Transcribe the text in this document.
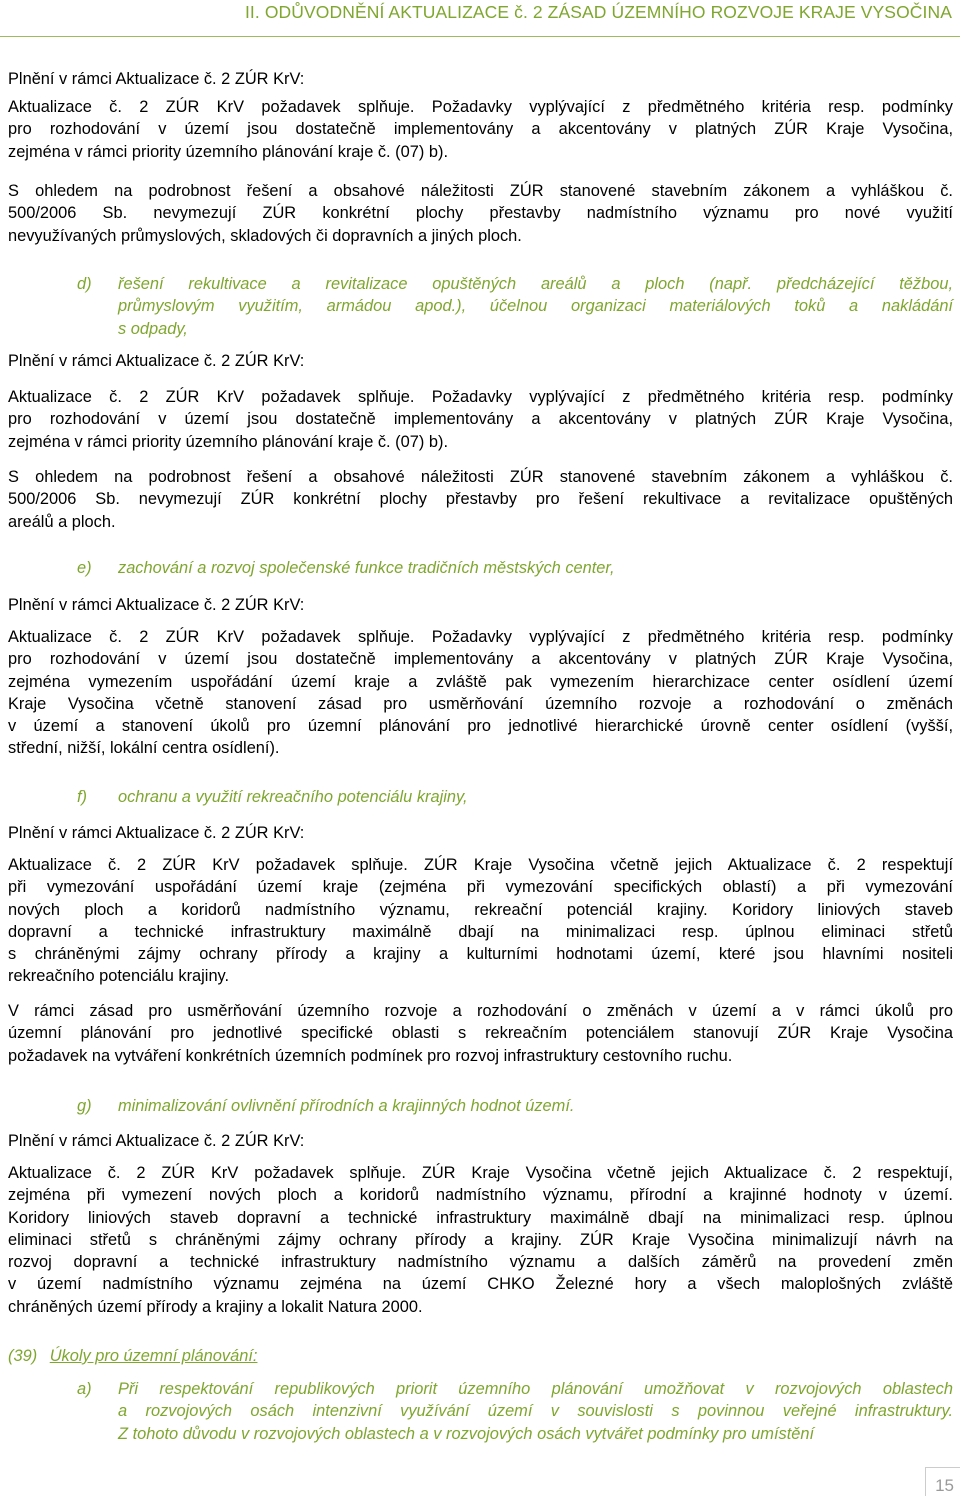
II. ODŮVODNĚNÍ AKTUALIZACE č. 2 ZÁSAD ÚZEMNÍHO ROZVOJE KRAJE VYSOČINA
Plnění v rámci Aktualizace č. 2 ZÚR KrV:

Aktualizace č. 2 ZÚR KrV požadavek splňuje. Požadavky vyplývající z předmětného kritéria resp. podmínky
pro rozhodování v území jsou dostatečně implementovány a akcentovány v platných ZÚR Kraje Vysočina,
zejména v rámci priority územního plánování kraje č. (07) b).

S ohledem na podrobnost řešení a obsahové náležitosti ZÚR stanovené stavebním zákonem a vyhláškou č.
500/2006 Sb. nevymezují ZÚR konkrétní plochy přestavby nadmístního významu pro nové využití
nevyužívaných průmyslových, skladových či dopravních a jiných ploch.

d) řešení rekultivace a revitalizace opuštěných areálů a ploch (např. předcházející těžbou,
průmyslovým využitím, armádou apod.), účelnou organizaci materiálových toků a nakládání
s odpady,
Plnění v rámci Aktualizace č. 2 ZÚR KrV:

Aktualizace č. 2 ZÚR KrV požadavek splňuje. Požadavky vyplývající z předmětného kritéria resp. podmínky
pro rozhodování v území jsou dostatečně implementovány a akcentovány v platných ZÚR Kraje Vysočina,
zejména v rámci priority územního plánování kraje č. (07) b).

S ohledem na podrobnost řešení a obsahové náležitosti ZÚR stanovené stavebním zákonem a vyhláškou č.
500/2006 Sb. nevymezují ZÚR konkrétní plochy přestavby pro řešení rekultivace a revitalizace opuštěných
areálů a ploch.

e) zachování a rozvoj společenské funkce tradičních městských center,
Plnění v rámci Aktualizace č. 2 ZÚR KrV:

Aktualizace č. 2 ZÚR KrV požadavek splňuje. Požadavky vyplývající z předmětného kritéria resp. podmínky
pro rozhodování v území jsou dostatečně implementovány a akcentovány v platných ZÚR Kraje Vysočina,
zejména vymezením uspořádání území kraje a zvláště pak vymezením hierarchizace center osídlení území
Kraje Vysočina včetně stanovení zásad pro usměrňování územního rozvoje a rozhodování o změnách
v území a stanovení úkolů pro územní plánování pro jednotlivé hierarchické úrovně center osídlení (vyšší,
střední, nižší, lokální centra osídlení).

f) ochranu a využití rekreačního potenciálu krajiny,
Plnění v rámci Aktualizace č. 2 ZÚR KrV:

Aktualizace č. 2 ZÚR KrV požadavek splňuje. ZÚR Kraje Vysočina včetně jejich Aktualizace č. 2 respektují
při vymezování uspořádání území kraje (zejména při vymezování specifických oblastí) a při vymezování
nových ploch a koridorů nadmístního významu, rekreační potenciál krajiny. Koridory liniových staveb
dopravní a technické infrastruktury maximálně dbají na minimalizaci resp. úplnou eliminaci střetů
s chráněnými zájmy ochrany přírody a krajiny a kulturními hodnotami území, které jsou hlavními nositeli
rekreačního potenciálu krajiny.

V rámci zásad pro usměrňování územního rozvoje a rozhodování o změnách v území a v rámci úkolů pro
územní plánování pro jednotlivé specifické oblasti s rekreačním potenciálem stanovují ZÚR Kraje Vysočina
požadavek na vytváření konkrétních územních podmínek pro rozvoj infrastruktury cestovního ruchu.

g) minimalizování ovlivnění přírodních a krajinných hodnot území.
Plnění v rámci Aktualizace č. 2 ZÚR KrV:

Aktualizace č. 2 ZÚR KrV požadavek splňuje. ZÚR Kraje Vysočina včetně jejich Aktualizace č. 2 respektují,
zejména při vymezení nových ploch a koridorů nadmístního významu, přírodní a krajinné hodnoty v území.
Koridory liniových staveb dopravní a technické infrastruktury maximálně dbají na minimalizaci resp. úplnou
eliminaci střetů s chráněnými zájmy ochrany přírody a krajiny. ZÚR Kraje Vysočina minimalizují návrh na
rozvoj dopravní a technické infrastruktury nadmístního významu a dalších záměrů na provedení změn
v území nadmístního významu zejména na území CHKO Železné hory a všech maloplošných zvláště
chráněných území přírody a krajiny a lokalit Natura 2000.

(39) Úkoly pro územní plánování:
a) Při respektování republikových priorit územního plánování umožňovat v rozvojových oblastech
a rozvojových osách intenzivní využívání území v souvislosti s povinnou veřejné infrastruktury.
Z tohoto důvodu v rozvojových oblastech a v rozvojových osách vytvářet podmínky pro umístění
15
